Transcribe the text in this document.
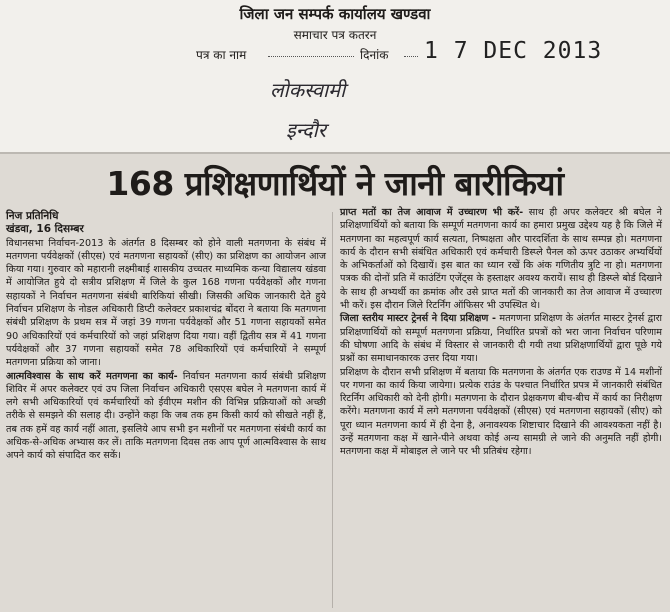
जिला जन सम्पर्क कार्यालय खण्डवा
समाचार पत्र कतरन
पत्र का नाम	दिनांक 1 7 DEC 2013
लोकस्वामी
इन्दौर
168 प्रशिक्षणार्थियों ने जानी बारीकियां

निज प्रतिनिधि

खंडवा, 16 दिसम्बर

विधानसभा निर्वाचन-2013 के अंतर्गत 8 दिसम्बर को होने वाली मतगणना के संबंध में मतगणना पर्यवेक्षकों (सीएस) एवं मतगणना सहायकों (सीए) का प्रशिक्षण का आयोजन आज किया गया। गुरुवार को महारानी लक्ष्मीबाई शासकीय उच्चतर माध्यमिक कन्या विद्यालय खंडवा में आयोजित हुये दो सत्रीय प्रशिक्षण में जिले के कुल 168 गणना पर्यवेक्षकों और गणना सहायकों ने निर्वाचन मतगणना संबंधी बारिकियां सीखी। जिसकी अधिक जानकारी देते हुये निर्वाचन प्रशिक्षण के नोडल अधिकारी डिप्टी कलेक्टर प्रकाशचंद्र बोंदरा ने बताया कि मतगणना संबंधी प्रशिक्षण के प्रथम सत्र में जहां 39 गणना पर्यवेक्षकों और 51 गणना सहायकों समेत 90 अधिकारियों एवं कर्मचारियों को जहां प्रशिक्षण दिया गया। वहीं द्वितीय सत्र में 41 गणना पर्यवेक्षकों और 37 गणना सहायकों समेत 78 अधिकारियों एवं कर्मचारियों ने सम्पूर्ण मतगणना प्रक्रिया को जाना।

आत्मविश्वास के साथ करें मतगणना का कार्य- निर्वाचन मतगणना कार्य संबंधी प्रशिक्षण शिविर में अपर कलेक्टर एवं उप जिला निर्वाचन अधिकारी एसएस बघेल ने मतगणना कार्य में लगे सभी अधिकारियों एवं कर्मचारियों को ईवीएम मशीन की विभिन्न प्रक्रियाओं को अच्छी तरीके से समझने की सलाह दी। उन्होंने कहा कि जब तक हम किसी कार्य को सीखते नहीं हैं, तब तक हमें वह कार्य नहीं आता, इसलिये आप सभी इन मशीनों पर मतगणना संबंधी कार्य का अधिक-से-अधिक अभ्यास कर लें। ताकि मतगणना दिवस तक आप पूर्ण आत्मविश्वास के साथ अपने कार्य को संपादित कर सकें।

प्राप्त मतों का तेज आवाज में उच्चारण भी करें- साथ ही अपर कलेक्टर श्री बघेल ने प्रशिक्षणार्थियों को बताया कि सम्पूर्ण मतगणना कार्य का हमारा प्रमुख उद्देश्य यह है कि जिले में मतगणना का महत्वपूर्ण कार्य सत्यता, निष्पक्षता और पारदर्शिता के साथ सम्पन्न हो। मतगणना कार्य के दौरान सभी संबंधित अधिकारी एवं कर्मचारी डिस्प्ले पैनल को ऊपर उठाकर अभ्यर्थियों के अभिकर्ताओं को दिखायें। इस बात का ध्यान रखें कि अंक गणितीय त्रुटि ना हो। मतगणना पत्रक की दोनों प्रति में काउंटिंग एजेंट्स के हस्ताक्षर अवश्य करायें। साथ ही डिस्प्ले बोर्ड दिखाने के साथ ही अभ्यर्थी का क्रमांक और उसे प्राप्त मतों की जानकारी का तेज आवाज में उच्चारण भी करें। इस दौरान जिले रिटर्निंग ऑफिसर भी उपस्थित थे।

जिला स्तरीय मास्टर ट्रेनर्स ने दिया प्रशिक्षण - मतगणना प्रशिक्षण के अंतर्गत मास्टर ट्रेनर्स द्वारा प्रशिक्षणार्थियों को सम्पूर्ण मतगणना प्रक्रिया, निर्धारित प्रपत्रों को भरा जाना निर्वाचन परिणाम की घोषणा आदि के संबंध में विस्तार से जानकारी दी गयी तथा प्रशिक्षणार्थियों द्वारा पूछे गये प्रश्नों का समाधानकारक उत्तर दिया गया।

प्रशिक्षण के दौरान सभी प्रशिक्षण में बताया कि मतगणना के अंतर्गत एक राउण्ड में 14 मशीनों पर गणना का कार्य किया जायेगा। प्रत्येक राउंड के पश्चात निर्धारित प्रपत्र में जानकारी संबंधित रिटर्निंग अधिकारी को देनी होगी। मतगणना के दौरान प्रेक्षकगण बीच-बीच में कार्य का निरीक्षण करेंगे। मतगणना कार्य में लगे मतगणना पर्यवेक्षकों (सीएस) एवं मतगणना सहायकों (सीए) को पूरा ध्यान मतगणना कार्य में ही देना है, अनावश्यक शिष्टाचार दिखाने की आवश्यकता नहीं है। उन्हें मतगणना कक्ष में खाने-पीने अथवा कोई अन्य सामग्री ले जाने की अनुमति नहीं होगी। मतगणना कक्ष में मोबाइल ले जाने पर भी प्रतिबंध रहेगा।
